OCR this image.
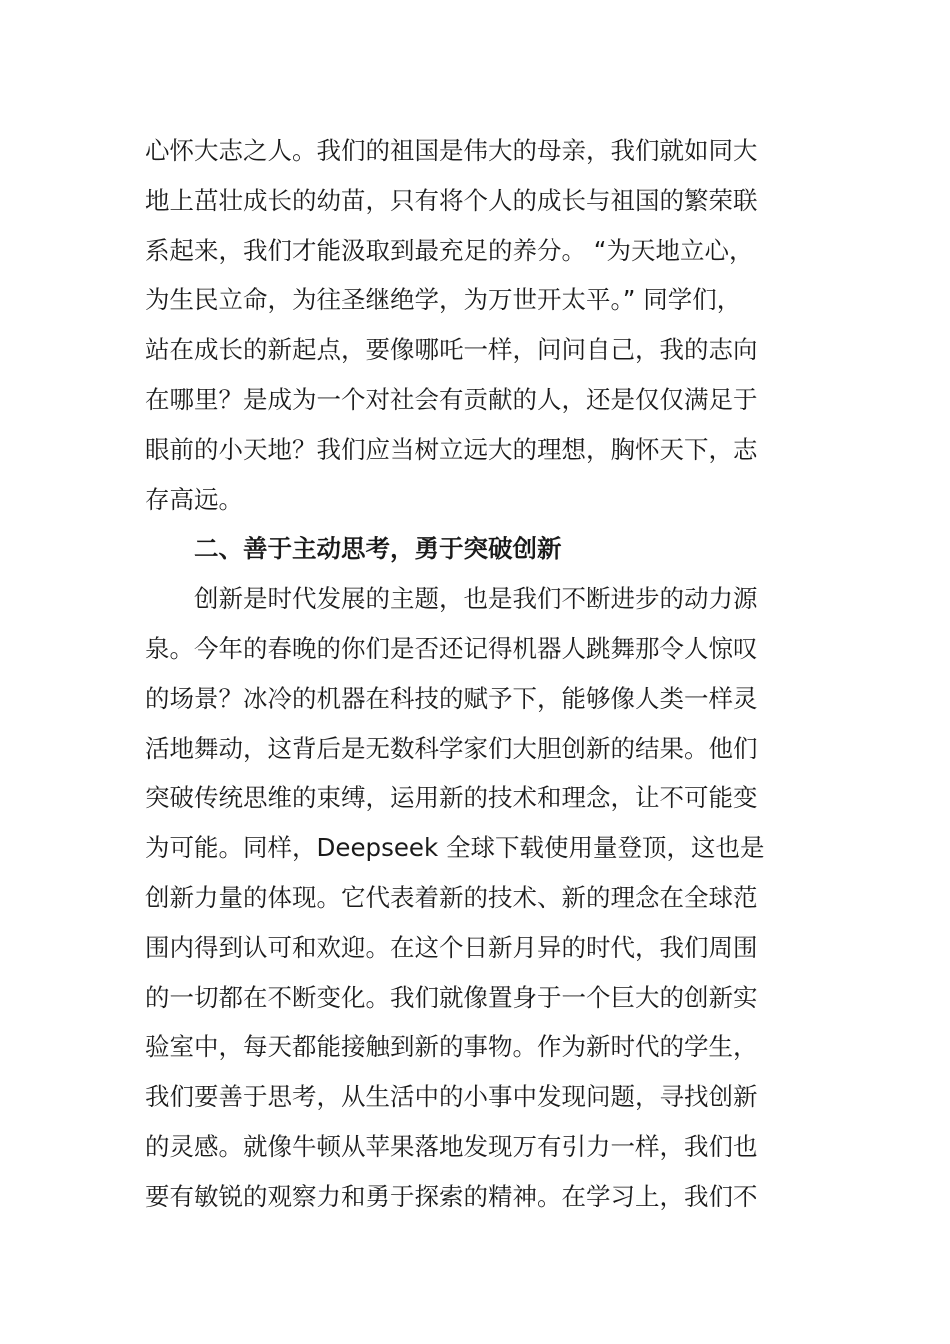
心怀大志之人。我们的祖国是伟大的母亲，我们就如同大
地上茁壮成长的幼苗，只有将个人的成长与祖国的繁荣联
系起来，我们才能汲取到最充足的养分。 “为天地立心，
为生民立命，为往圣继绝学，为万世开太平。” 同学们，
站在成长的新起点，要像哪吒一样，问问自己，我的志向
在哪里？是成为一个对社会有贡献的人，还是仅仅满足于
眼前的小天地？我们应当树立远大的理想，胸怀天下，志
存高远。
二、善于主动思考，勇于突破创新
创新是时代发展的主题，也是我们不断进步的动力源
泉。今年的春晚的你们是否还记得机器人跳舞那令人惊叹
的场景？冰冷的机器在科技的赋予下，能够像人类一样灵
活地舞动，这背后是无数科学家们大胆创新的结果。他们
突破传统思维的束缚，运用新的技术和理念，让不可能变
为可能。同样，Deepseek 全球下载使用量登顶，这也是
创新力量的体现。它代表着新的技术、新的理念在全球范
围内得到认可和欢迎。在这个日新月异的时代，我们周围
的一切都在不断变化。我们就像置身于一个巨大的创新实
验室中，每天都能接触到新的事物。作为新时代的学生，
我们要善于思考，从生活中的小事中发现问题，寻找创新
的灵感。就像牛顿从苹果落地发现万有引力一样，我们也
要有敏锐的观察力和勇于探索的精神。在学习上，我们不
